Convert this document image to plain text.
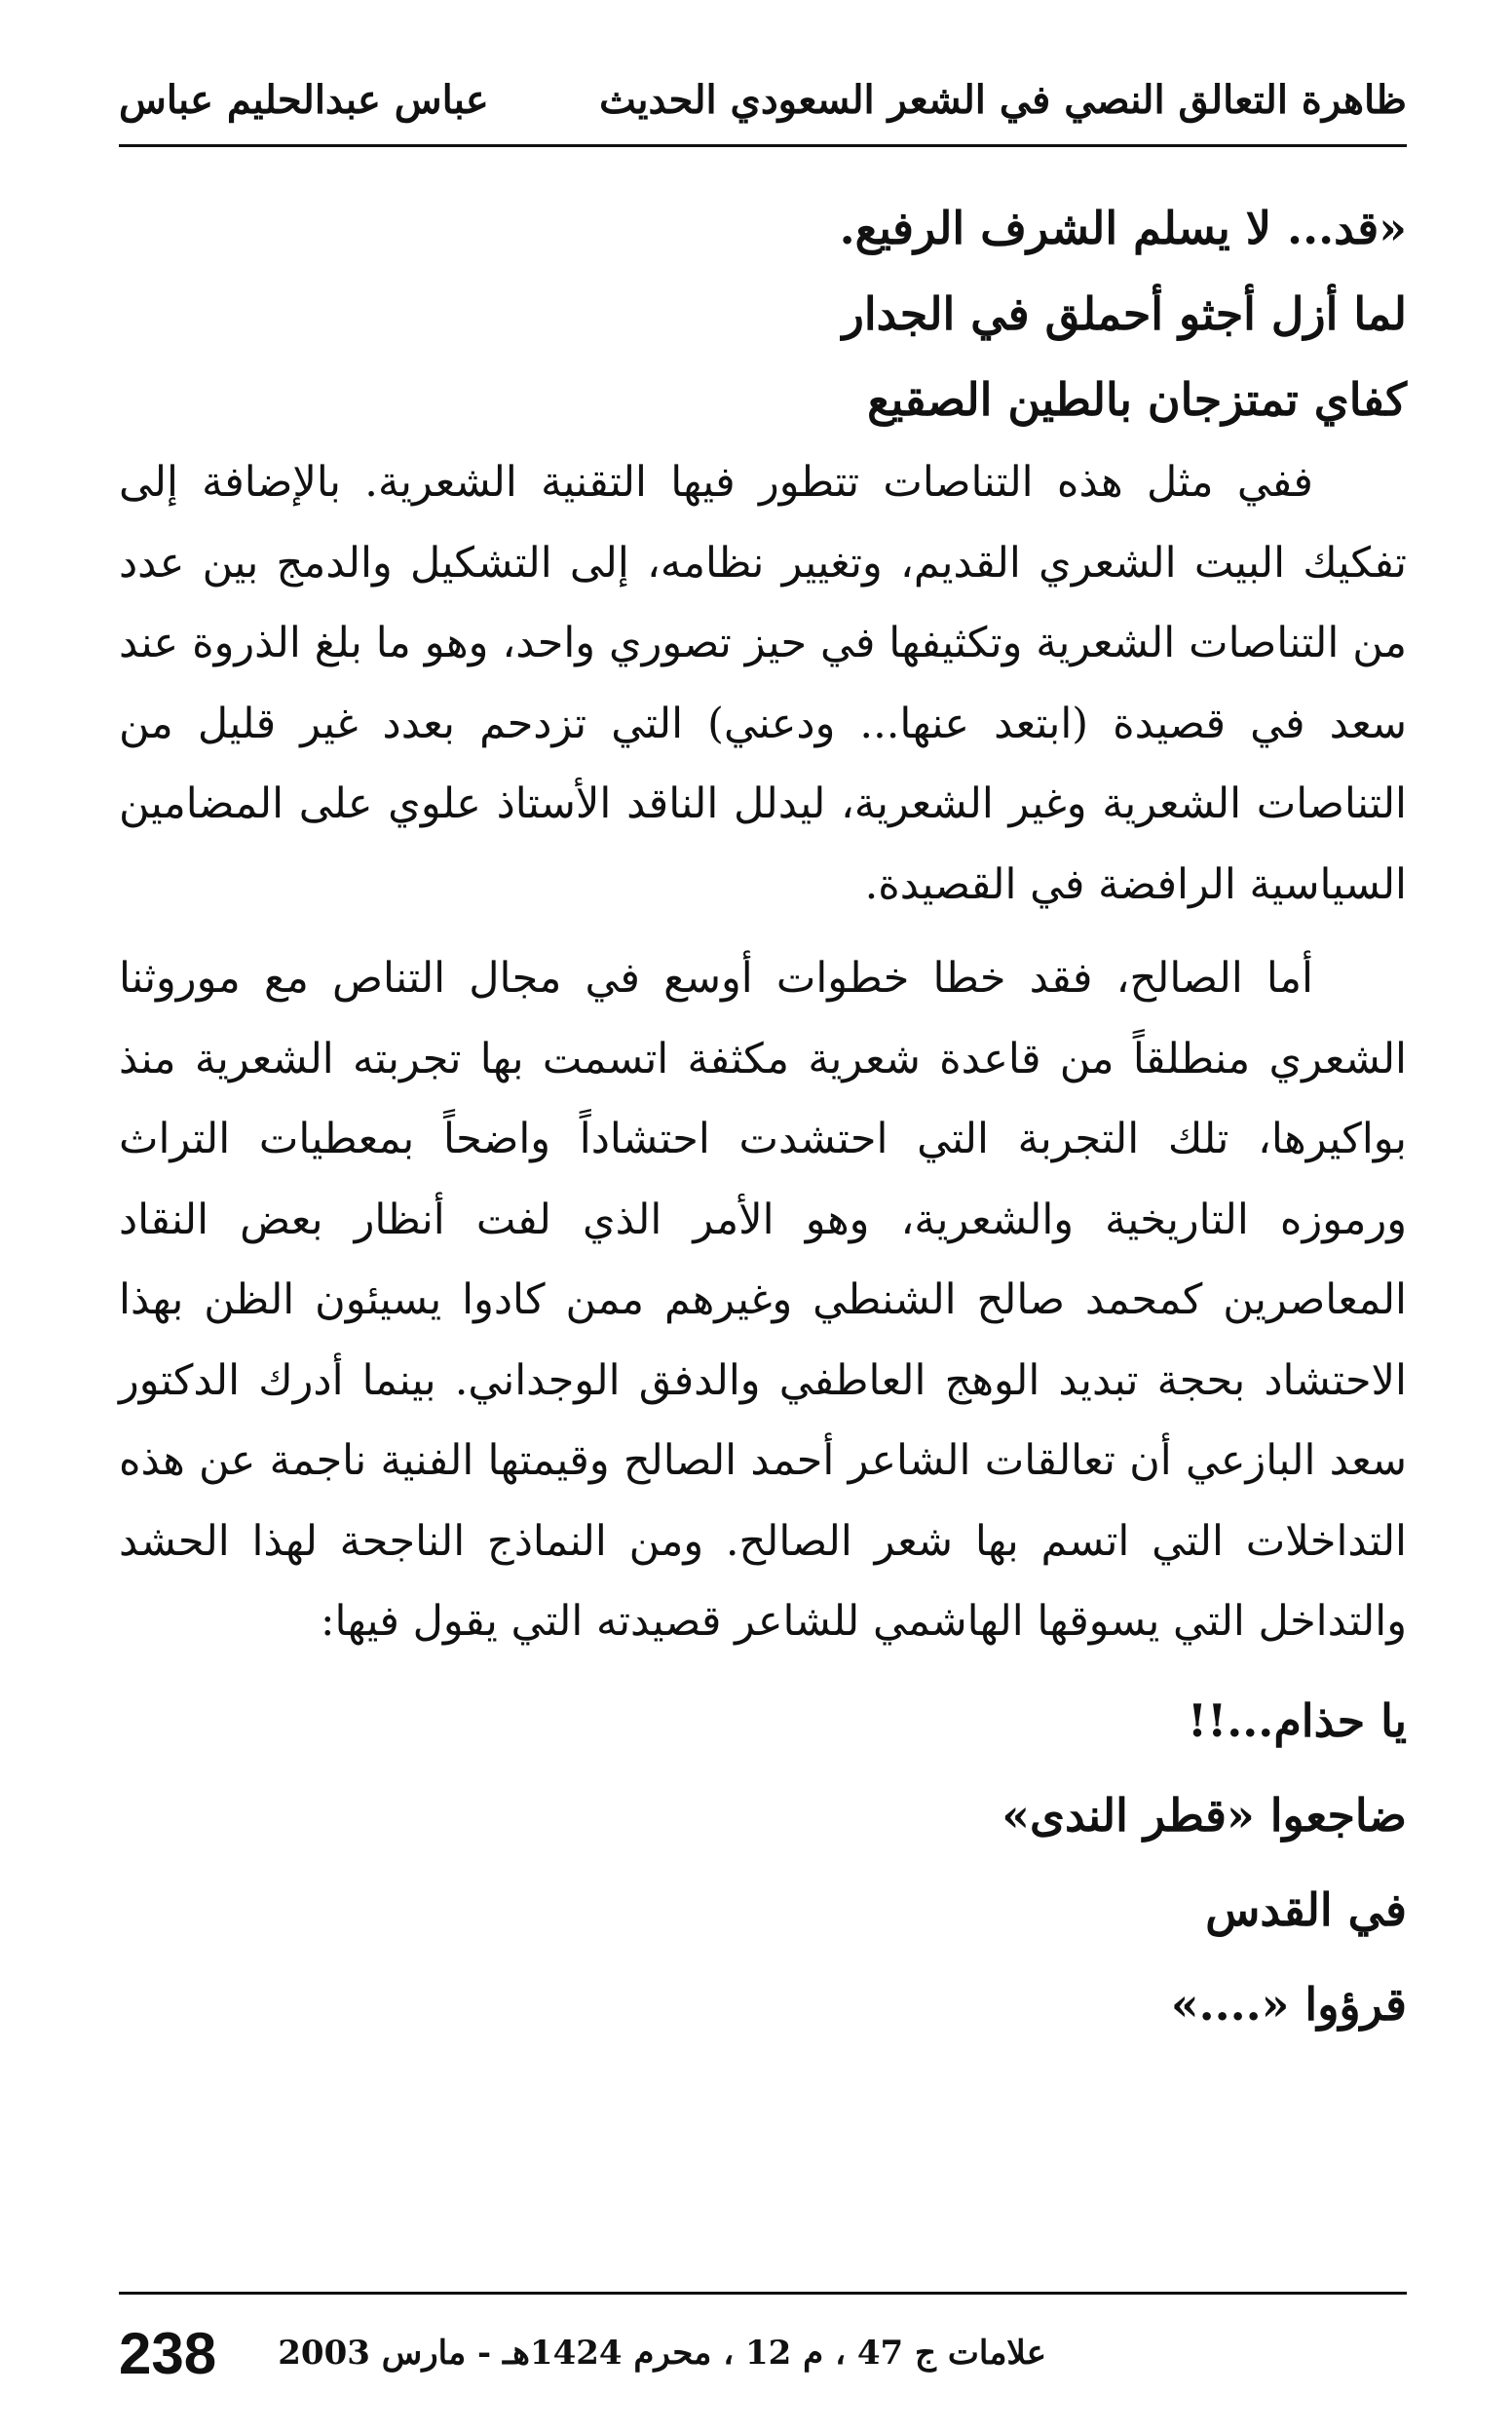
ظاهرة التعالق النصي في الشعر السعودي الحديث
عباس عبدالحليم عباس

«قد... لا يسلم الشرف الرفيع.

لما أزل أجثو أحملق في الجدار

كفاي تمتزجان بالطين الصقيع

ففي مثل هذه التناصات تتطور فيها التقنية الشعرية. بالإضافة إلى تفكيك البيت الشعري القديم، وتغيير نظامه، إلى التشكيل والدمج بين عدد من التناصات الشعرية وتكثيفها في حيز تصوري واحد، وهو ما بلغ الذروة عند سعد في قصيدة (ابتعد عنها... ودعني) التي تزدحم بعدد غير قليل من التناصات الشعرية وغير الشعرية، ليدلل الناقد الأستاذ علوي على المضامين السياسية الرافضة في القصيدة.

أما الصالح، فقد خطا خطوات أوسع في مجال التناص مع موروثنا الشعري منطلقاً من قاعدة شعرية مكثفة اتسمت بها تجربته الشعرية منذ بواكيرها، تلك التجربة التي احتشدت احتشاداً واضحاً بمعطيات التراث ورموزه التاريخية والشعرية، وهو الأمر الذي لفت أنظار بعض النقاد المعاصرين كمحمد صالح الشنطي وغيرهم ممن كادوا يسيئون الظن بهذا الاحتشاد بحجة تبديد الوهج العاطفي والدفق الوجداني. بينما أدرك الدكتور سعد البازعي أن تعالقات الشاعر أحمد الصالح وقيمتها الفنية ناجمة عن هذه التداخلات التي اتسم بها شعر الصالح. ومن النماذج الناجحة لهذا الحشد والتداخل التي يسوقها الهاشمي للشاعر قصيدته التي يقول فيها:

يا حذام...!!

ضاجعوا «قطر الندى»

في القدس

قرؤوا «....»

علامات ج 47 ، م 12 ، محرم 1424هـ - مارس 2003
238
